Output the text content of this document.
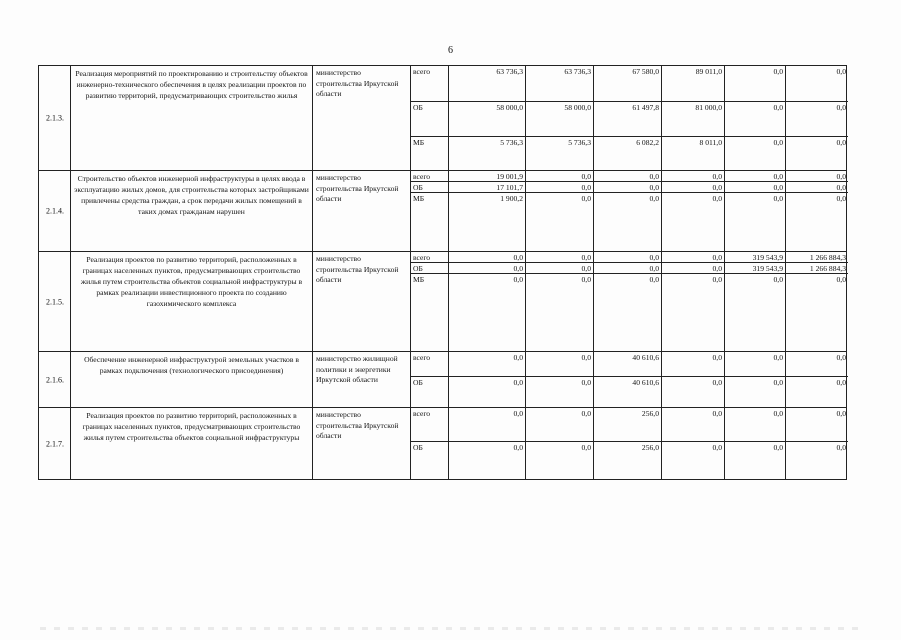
6
2.1.3.
Реализация мероприятий по проектированию и строительству объектов инженерно-технического обеспечения в целях реализации проектов по развитию территорий, предусматривающих строительство жилья
министерство строительства Иркутской области
всего	63 736,3	63 736,3	67 580,0	89 011,0	0,0	0,0
ОБ	58 000,0	58 000,0	61 497,8	81 000,0	0,0	0,0
МБ	5 736,3	5 736,3	6 082,2	8 011,0	0,0	0,0
2.1.4.
Строительство объектов инженерной инфраструктуры в целях ввода в эксплуатацию жилых домов, для строительства которых застройщиками привлечены средства граждан, а срок передачи жилых помещений в таких домах гражданам нарушен
министерство строительства Иркутской области
всего	19 001,9	0,0	0,0	0,0	0,0	0,0
ОБ	17 101,7	0,0	0,0	0,0	0,0	0,0
МБ	1 900,2	0,0	0,0	0,0	0,0	0,0
2.1.5.
Реализация проектов по развитию территорий, расположенных в границах населенных пунктов, предусматривающих строительство жилья путем строительства объектов социальной инфраструктуры в рамках реализации инвестиционного проекта по созданию газохимического комплекса
министерство строительства Иркутской области
всего	0,0	0,0	0,0	0,0	319 543,9	1 266 884,3
ОБ	0,0	0,0	0,0	0,0	319 543,9	1 266 884,3
МБ	0,0	0,0	0,0	0,0	0,0	0,0
2.1.6.
Обеспечение инженерной инфраструктурой земельных участков в рамках подключения (технологического присоединения)
министерство жилищной политики и энергетики Иркутской области
всего	0,0	0,0	40 610,6	0,0	0,0	0,0
ОБ	0,0	0,0	40 610,6	0,0	0,0	0,0
2.1.7.
Реализация проектов по развитию территорий, расположенных в границах населенных пунктов, предусматривающих строительство жилья путем строительства объектов социальной инфраструктуры
министерство строительства Иркутской области
всего	0,0	0,0	256,0	0,0	0,0	0,0
ОБ	0,0	0,0	256,0	0,0	0,0	0,0
